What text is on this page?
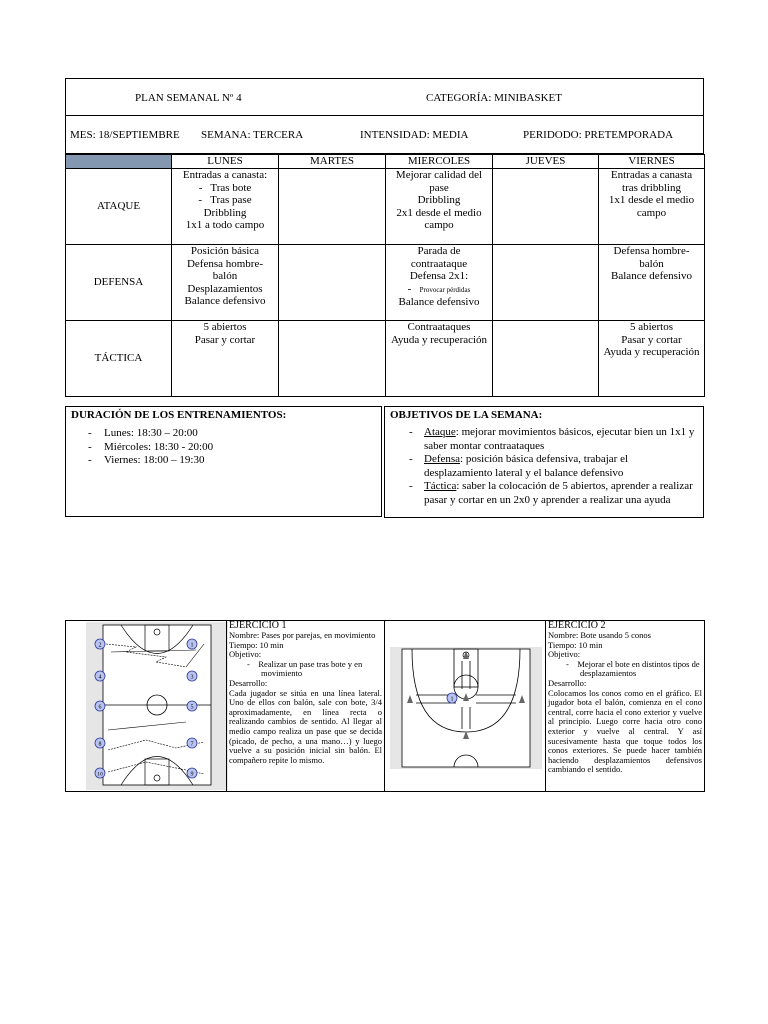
PLAN SEMANAL Nº 4	CATEGORÍA: MINIBASKET
MES: 18/SEPTIEMBRE SEMANA: TERCERA	INTENSIDAD: MEDIA	PERIDODO: PRETEMPORADA
	LUNES	MARTES	MIERCOLES	JUEVES	VIERNES
ATAQUE	Entradas a canasta:
- Tras bote
- Tras pase
Dribbling
1x1 a todo campo		Mejorar calidad del
pase
Dribbling
2x1 desde el medio
campo		Entradas a canasta
tras dribbling
1x1 desde el medio
campo

DEFENSA	Posición básica
Defensa hombre-
balón
Desplazamientos
Balance defensivo		Parada de
contraataque
Defensa 2x1:
- Provocar pérdidas
Balance defensivo		Defensa hombre-
balón
Balance defensivo

TÁCTICA	5 abiertos
Pasar y cortar		Contraataques
Ayuda y recuperación		5 abiertos
Pasar y cortar
Ayuda y recuperación
DURACIÓN DE LOS ENTRENAMIENTOS:
- Lunes: 18:30 – 20:00
- Miércoles: 18:30 - 20:00
- Viernes: 18:00 – 19:30
OBJETIVOS DE LA SEMANA:
- Ataque: mejorar movimientos básicos, ejecutar bien un 1x1 y saber montar contraataques
- Defensa: posición básica defensiva, trabajar el desplazamiento lateral y el balance defensivo
- Táctica: saber la colocación de 5 abiertos, aprender a realizar pasar y cortar en un 2x0 y aprender a realizar una ayuda
2	1
4	3
6	5
8	7
10	9
EJERCICIO 1
Nombre: Pases por parejas, en movimiento
Tiempo: 10 min
Objetivo:
-    Realizar un pase tras bote y en movimiento
Desarrollo:
Cada jugador se sitúa en una línea lateral. Uno de ellos con balón, sale con bote, 3/4 aproximadamente, en línea recta o realizando cambios de sentido. Al llegar al medio campo realiza un pase que se decida (picado, de pecho, a una mano…) y luego vuelve a su posición inicial sin balón. El compañero repite lo mismo.
1
EJERCICIO 2
Nombre: Bote usando 5 conos
Tiempo: 10 min
Objetivo:
-    Mejorar el bote en distintos tipos de desplazamientos
Desarrollo:
Colocamos los conos como en el gráfico. El jugador bota el balón, comienza en el cono central, corre hacia el cono exterior y vuelve al principio. Luego corre hacia otro cono exterior y vuelve al central. Y así sucesivamente hasta que toque todos los conos exteriores. Se puede hacer también haciendo desplazamientos defensivos cambiando el sentido.
